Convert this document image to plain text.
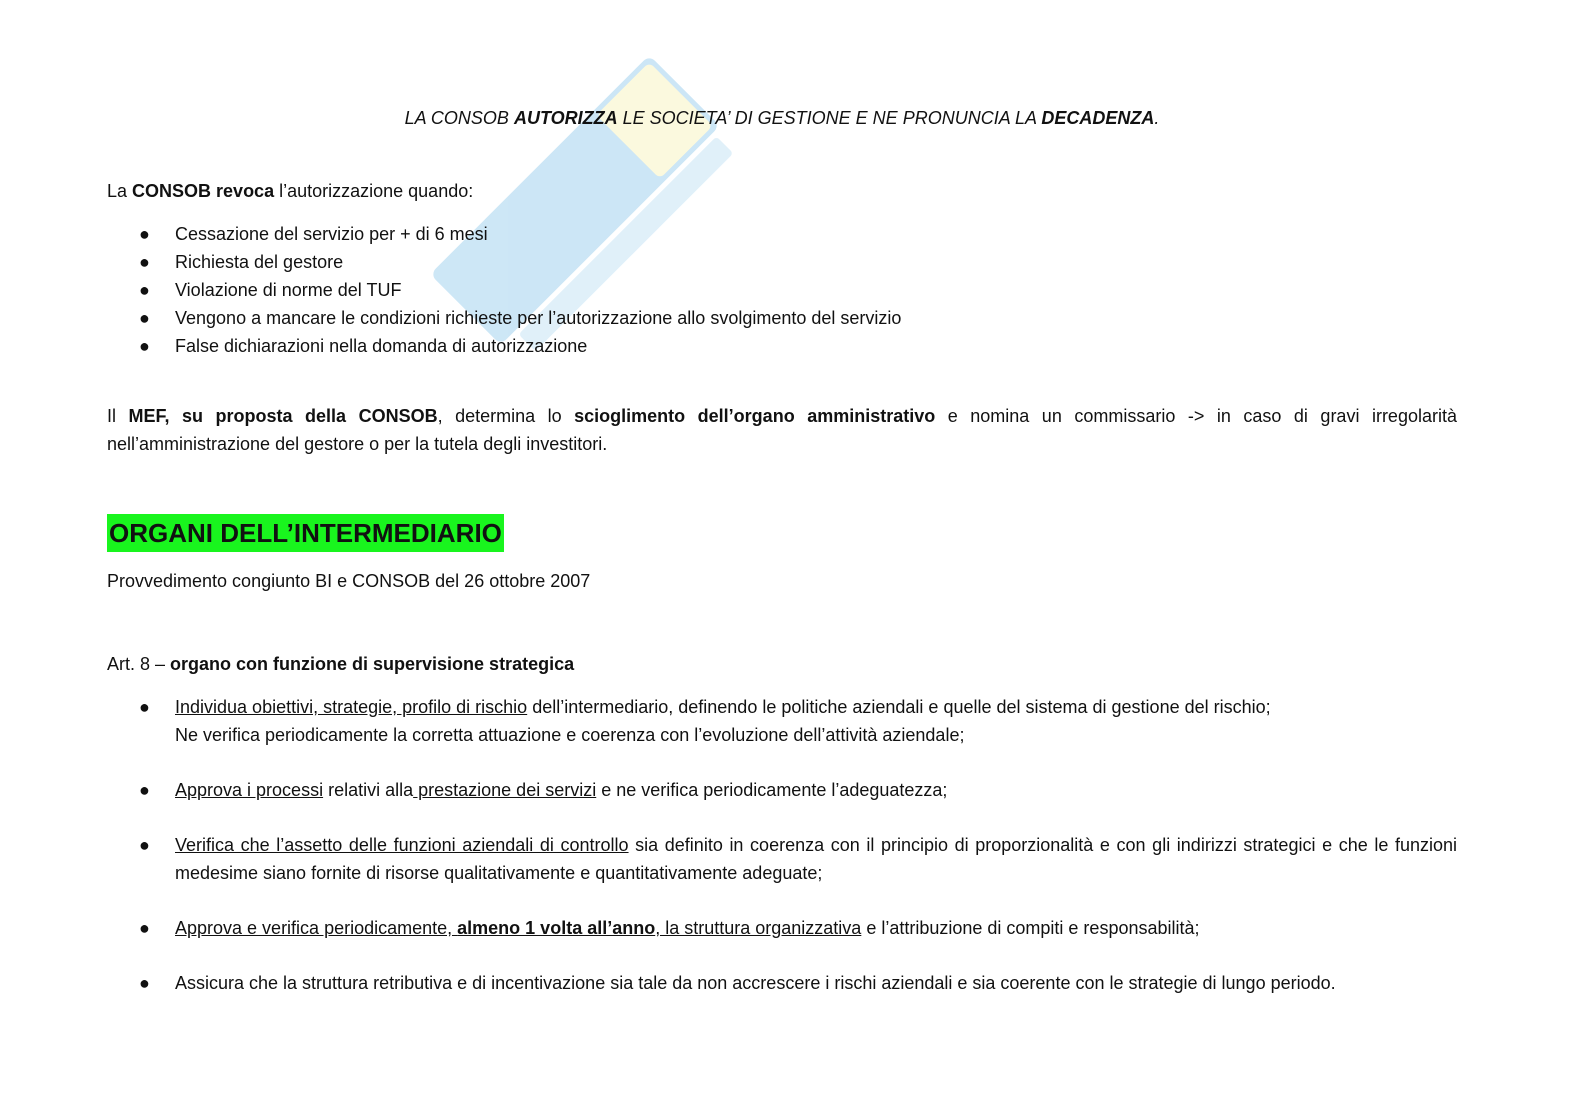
LA CONSOB AUTORIZZA LE SOCIETA’ DI GESTIONE E NE PRONUNCIA LA DECADENZA.
La CONSOB revoca l’autorizzazione quando:
● Cessazione del servizio per + di 6 mesi
● Richiesta del gestore
● Violazione di norme del TUF
● Vengono a mancare le condizioni richieste per l’autorizzazione allo svolgimento del servizio
● False dichiarazioni nella domanda di autorizzazione
Il MEF, su proposta della CONSOB, determina lo scioglimento dell’organo amministrativo e nomina un commissario -> in caso di gravi irregolarità nell’amministrazione del gestore o per la tutela degli investitori.
ORGANI DELL’INTERMEDIARIO
Provvedimento congiunto BI e CONSOB del 26 ottobre 2007
Art. 8 – organo con funzione di supervisione strategica
● Individua obiettivi, strategie, profilo di rischio dell’intermediario, definendo le politiche aziendali e quelle del sistema di gestione del rischio;
Ne verifica periodicamente la corretta attuazione e coerenza con l’evoluzione dell’attività aziendale;
● Approva i processi relativi alla prestazione dei servizi e ne verifica periodicamente l’adeguatezza;
● Verifica che l’assetto delle funzioni aziendali di controllo sia definito in coerenza con il principio di proporzionalità e con gli indirizzi strategici e che le funzioni medesime siano fornite di risorse qualitativamente e quantitativamente adeguate;
● Approva e verifica periodicamente, almeno 1 volta all’anno, la struttura organizzativa e l’attribuzione di compiti e responsabilità;
● Assicura che la struttura retributiva e di incentivazione sia tale da non accrescere i rischi aziendali e sia coerente con le strategie di lungo periodo.
